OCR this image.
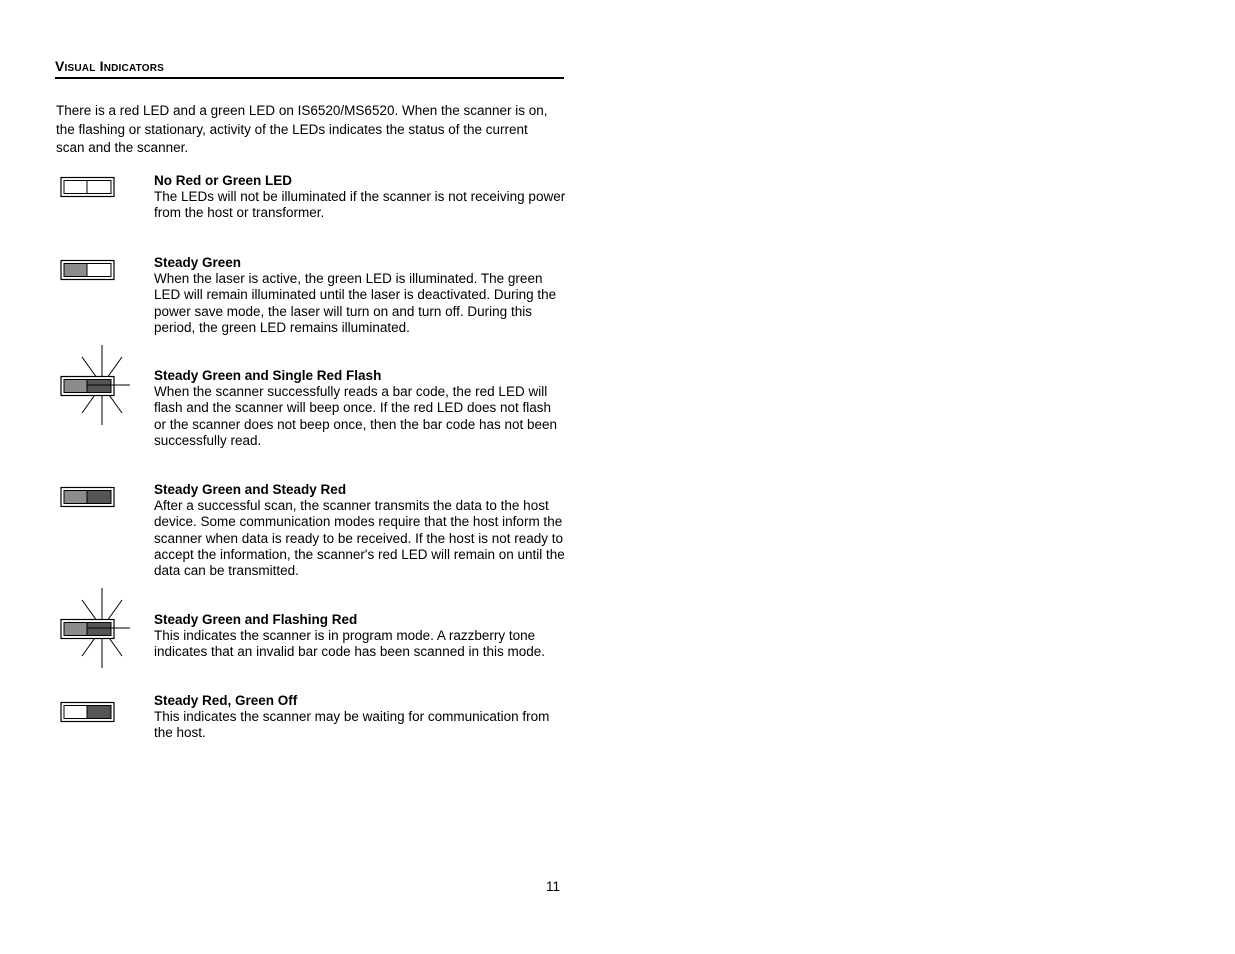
Visual Indicators
There is a red LED and a green LED on IS6520/MS6520. When the scanner is on, the flashing or stationary, activity of the LEDs indicates the status of the current scan and the scanner.
No Red or Green LED
The LEDs will not be illuminated if the scanner is not receiving power from the host or transformer.
Steady Green
When the laser is active, the green LED is illuminated. The green LED will remain illuminated until the laser is deactivated. During the power save mode, the laser will turn on and turn off. During this period, the green LED remains illuminated.
Steady Green and Single Red Flash
When the scanner successfully reads a bar code, the red LED will flash and the scanner will beep once. If the red LED does not flash or the scanner does not beep once, then the bar code has not been successfully read.
Steady Green and Steady Red
After a successful scan, the scanner transmits the data to the host device. Some communication modes require that the host inform the scanner when data is ready to be received. If the host is not ready to accept the information, the scanner's red LED will remain on until the data can be transmitted.
Steady Green and Flashing Red
This indicates the scanner is in program mode. A razzberry tone indicates that an invalid bar code has been scanned in this mode.
Steady Red, Green Off
This indicates the scanner may be waiting for communication from the host.
11
